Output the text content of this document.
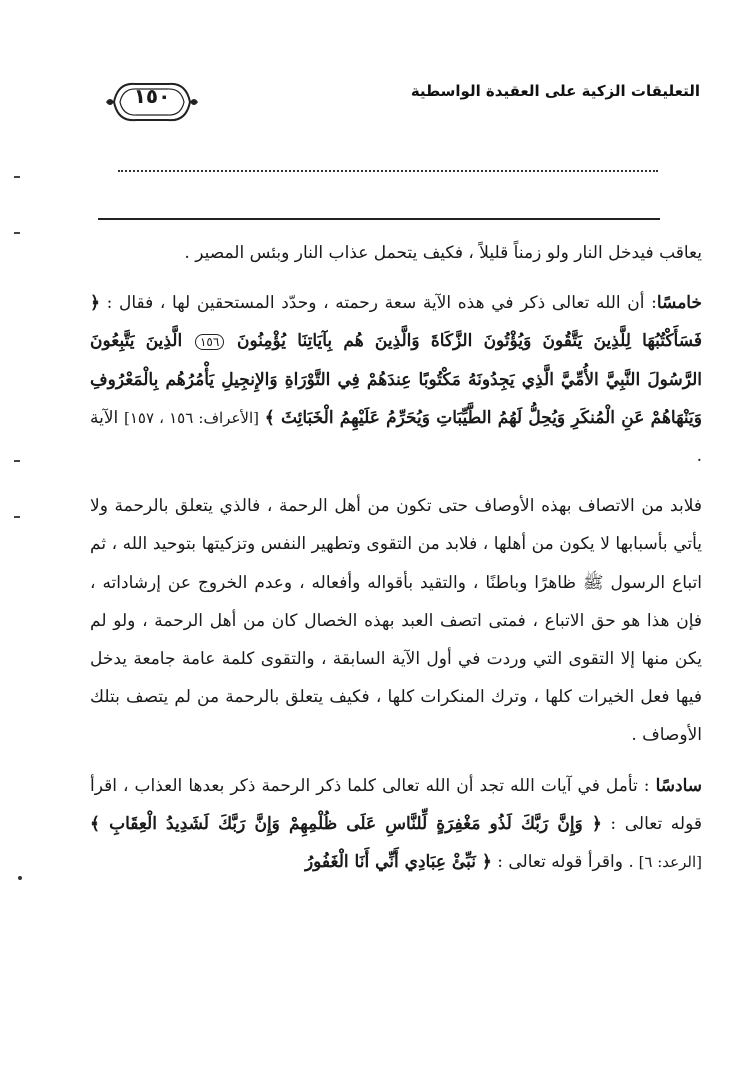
التعليقات الزكية على العقيدة الواسطية
١٥٠

يعاقب فيدخل النار ولو زمناً قليلاً ، فكيف يتحمل عذاب النار وبئس المصير .

خامسًا: أن الله تعالى ذكر في هذه الآية سعة رحمته ، وحدّد المستحقين لها ، فقال : ﴿ فَسَأَكْتُبُهَا لِلَّذِينَ يَتَّقُونَ وَيُؤْتُونَ الزَّكَاةَ وَالَّذِينَ هُم بِآيَاتِنَا يُؤْمِنُونَ ١٥٦ الَّذِينَ يَتَّبِعُونَ الرَّسُولَ النَّبِيَّ الأُمِّيَّ الَّذِي يَجِدُونَهُ مَكْتُوبًا عِندَهُمْ فِي التَّوْرَاةِ وَالإِنجِيلِ يَأْمُرُهُم بِالْمَعْرُوفِ وَيَنْهَاهُمْ عَنِ الْمُنكَرِ وَيُحِلُّ لَهُمُ الطَّيِّبَاتِ وَيُحَرِّمُ عَلَيْهِمُ الْخَبَائِثَ ﴾ [الأعراف: ١٥٦ ، ١٥٧] الآية .

فلابد من الاتصاف بهذه الأوصاف حتى تكون من أهل الرحمة ، فالذي يتعلق بالرحمة ولا يأتي بأسبابها لا يكون من أهلها ، فلابد من التقوى وتطهير النفس وتزكيتها بتوحيد الله ، ثم اتباع الرسول ﷺ ظاهرًا وباطنًا ، والتقيد بأقواله وأفعاله ، وعدم الخروج عن إرشاداته ، فإن هذا هو حق الاتباع ، فمتى اتصف العبد بهذه الخصال كان من أهل الرحمة ، ولو لم يكن منها إلا التقوى التي وردت في أول الآية السابقة ، والتقوى كلمة عامة جامعة يدخل فيها فعل الخيرات كلها ، وترك المنكرات كلها ، فكيف يتعلق بالرحمة من لم يتصف بتلك الأوصاف .

سادسًا : تأمل في آيات الله تجد أن الله تعالى كلما ذكر الرحمة ذكر بعدها العذاب ، اقرأ قوله تعالى : ﴿ وَإِنَّ رَبَّكَ لَذُو مَغْفِرَةٍ لِّلنَّاسِ عَلَى ظُلْمِهِمْ وَإِنَّ رَبَّكَ لَشَدِيدُ الْعِقَابِ ﴾ [الرعد: ٦] . واقرأ قوله تعالى : ﴿ نَبِّئْ عِبَادِي أَنِّي أَنَا الْغَفُورُ
